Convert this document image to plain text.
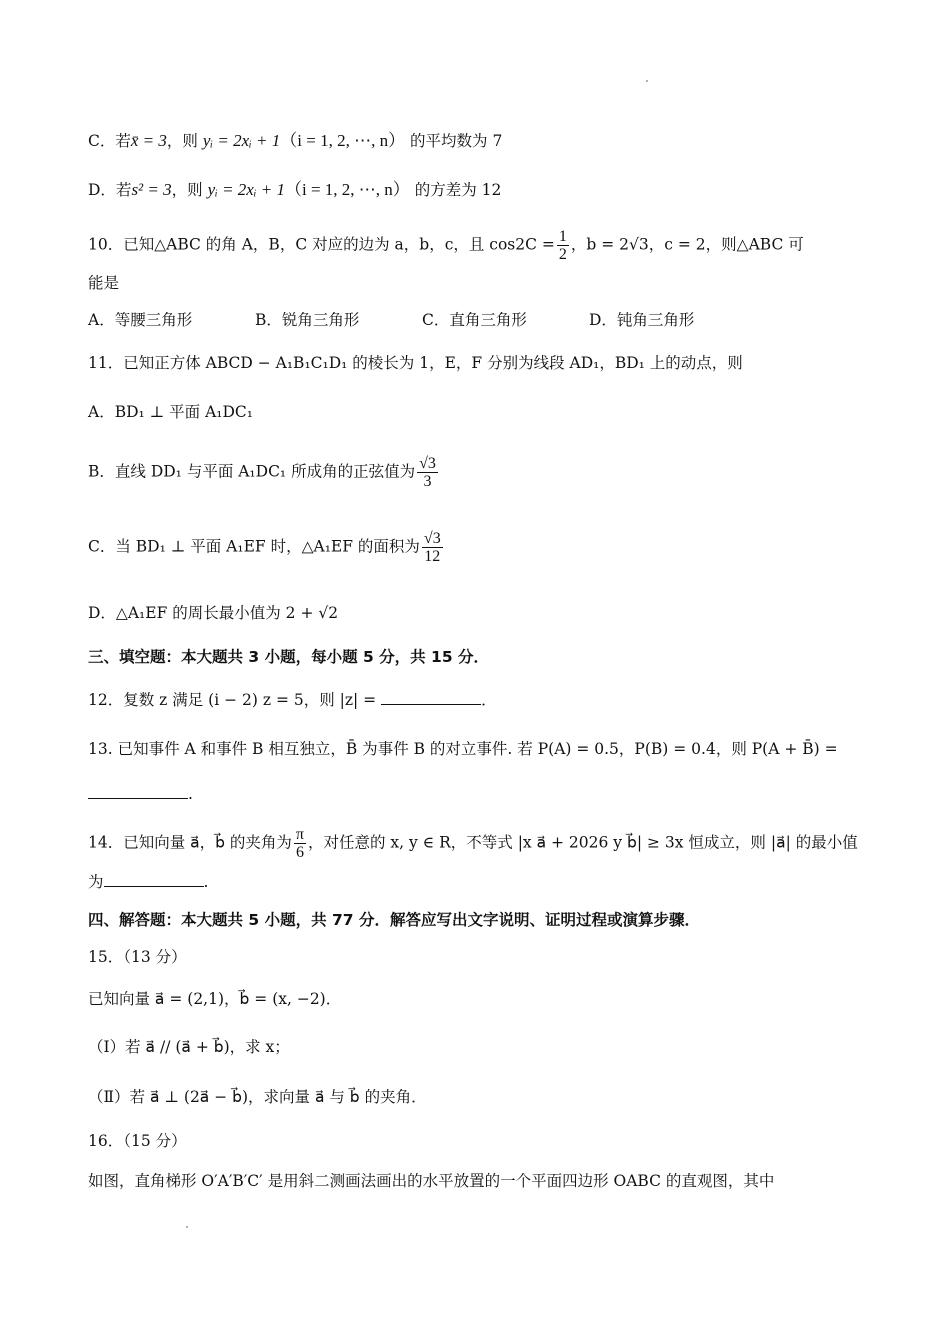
C．若x̄ = 3，则 yᵢ = 2xᵢ + 1（i = 1, 2, ⋯, n） 的平均数为 7
D．若s² = 3，则 yᵢ = 2xᵢ + 1（i = 1, 2, ⋯, n） 的方差为 12
10．已知△ABC 的角 A，B，C 对应的边为 a，b，c，且 $\cos 2C = \frac{1}{2}$ ，b = 2√3，c = 2，则△ABC 可
能是
A．等腰三角形	B．锐角三角形	C．直角三角形	D．钝角三角形
11．已知正方体 ABCD − A₁B₁C₁D₁ 的棱长为 1，E，F 分别为线段 AD₁，BD₁ 上的动点，则
A．BD₁ ⊥ 平面 A₁DC₁
B．直线 DD₁ 与平面 A₁DC₁ 所成角的正弦值为 $\frac{√3}{3}$
C．当 BD₁ ⊥ 平面 A₁EF 时，△A₁EF 的面积为 $\frac{√3}{12}$
D．△A₁EF 的周长最小值为 2 + √2
三、填空题：本大题共 3 小题，每小题 5 分，共 15 分．
12．复数 z 满足 (i − 2) z = 5，则 |z| =	．
13. 已知事件 A 和事件 B 相互独立，B̄ 为事件 B 的对立事件. 若 P(A) = 0.5，P(B) = 0.4，则 P(A + B̄) =
.
14．已知向量 a⃗，b⃗ 的夹角为 $\frac{\pi}{6}$ ，对任意的 x, y ∈ R，不等式 |x a⃗ + 2026 y b⃗| ≥ 3x 恒成立，则 |a⃗| 的最小值
为	.
四、解答题：本大题共 5 小题，共 77 分．解答应写出文字说明、证明过程或演算步骤．
15．（13 分）
已知向量 a⃗ = (2,1)，b⃗ = (x, −2)．
（Ⅰ）若 a⃗ // (a⃗ + b⃗)，求 x；
（Ⅱ）若 a⃗ ⊥ (2a⃗ − b⃗)，求向量 a⃗ 与 b⃗ 的夹角．
16．（15 分）
如图，直角梯形 O′A′B′C′ 是用斜二测画法画出的水平放置的一个平面四边形 OABC 的直观图，其中
